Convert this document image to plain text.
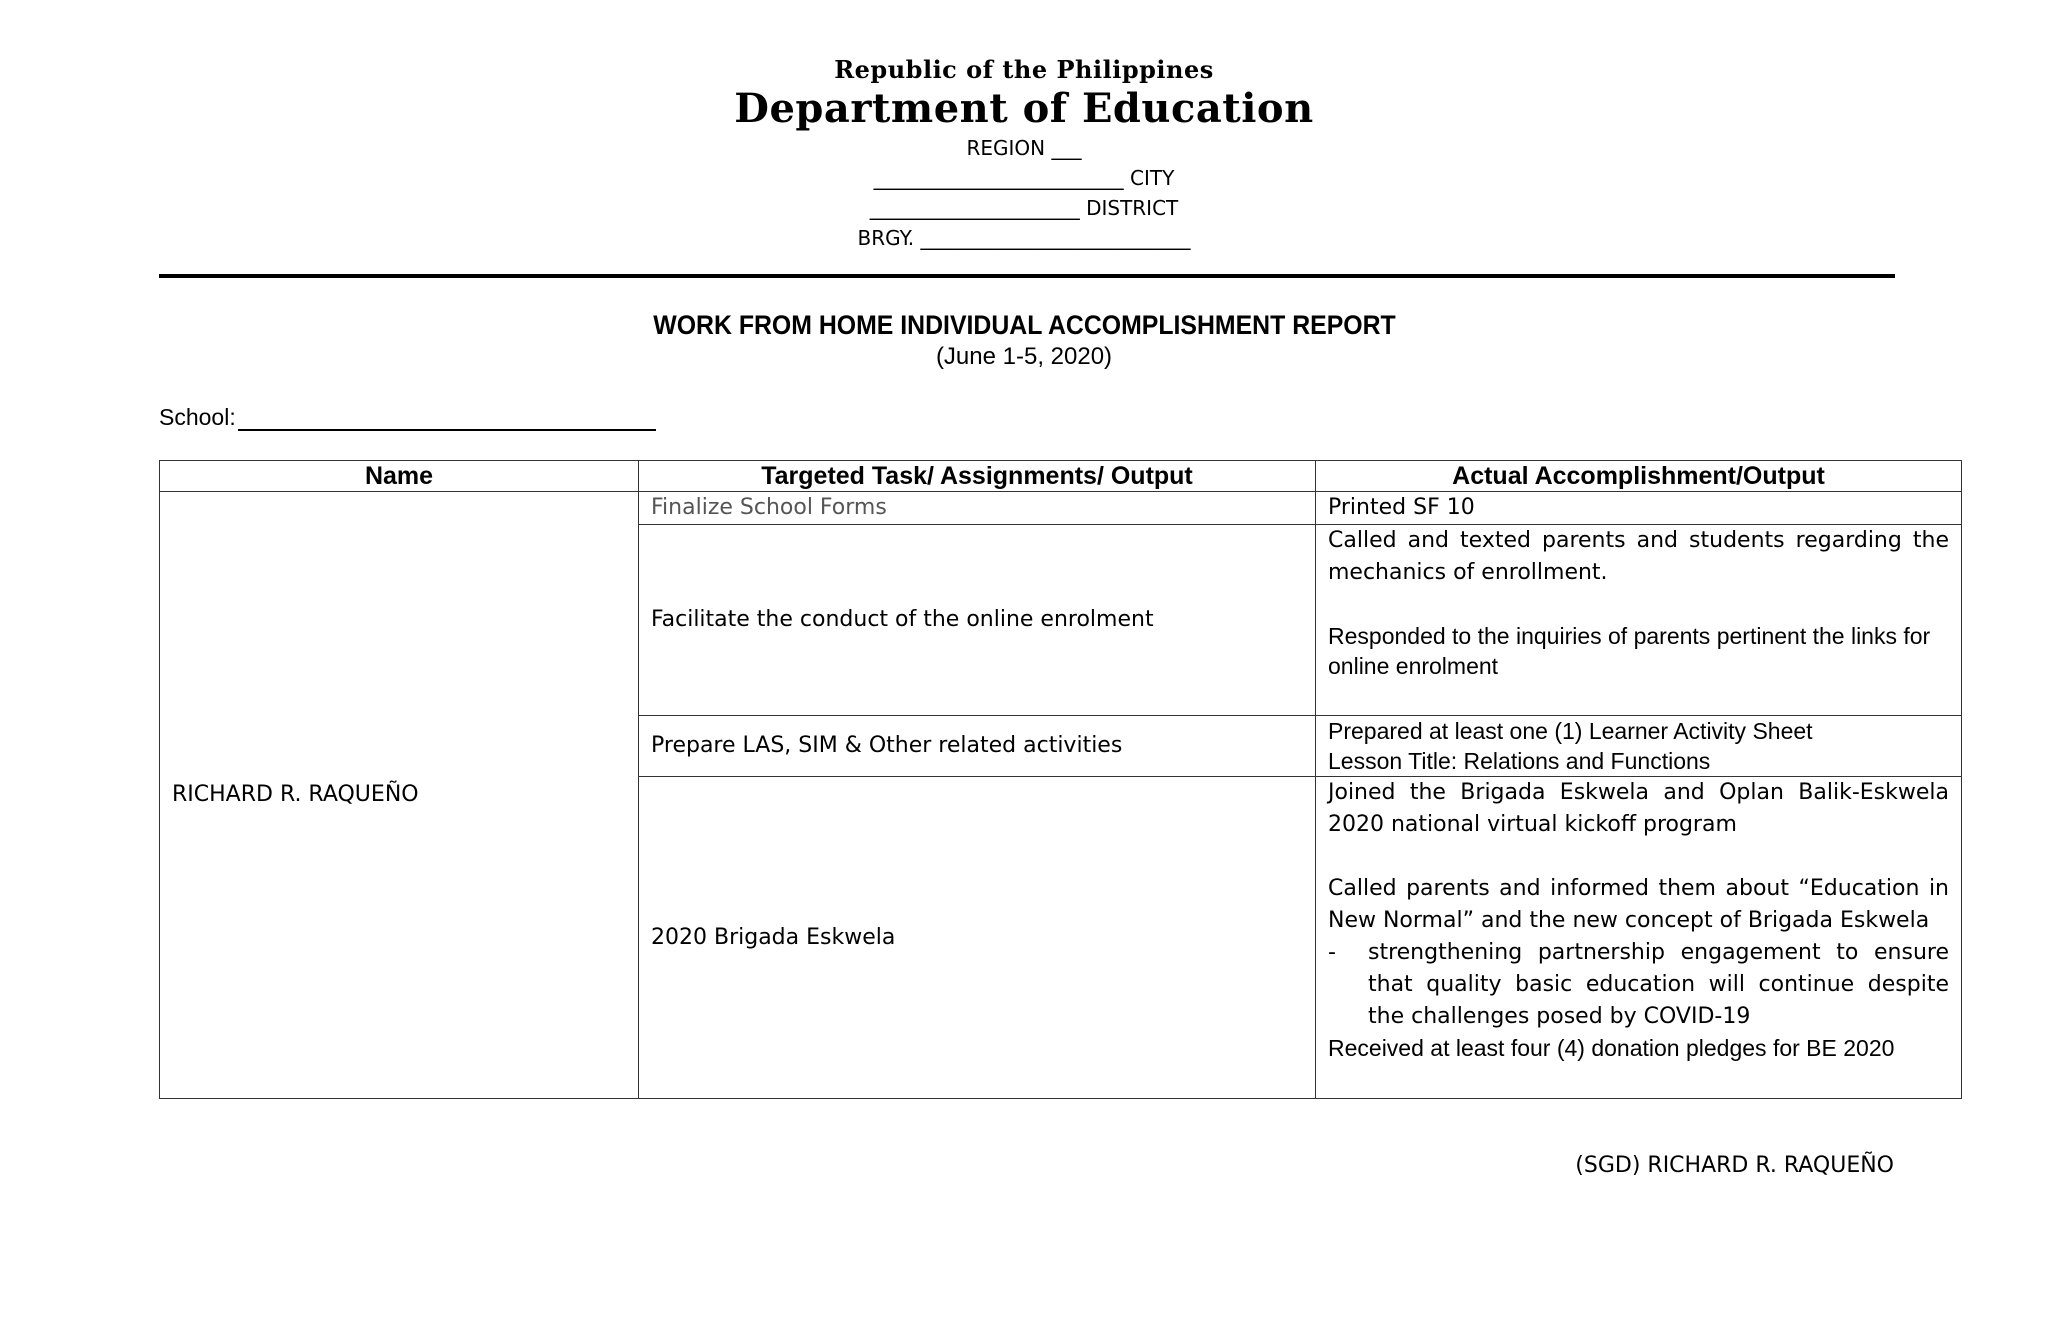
Republic of the Philippines
Department of Education
REGION ___
_________________________ CITY
_____________________ DISTRICT
BRGY. ___________________________
WORK FROM HOME INDIVIDUAL ACCOMPLISHMENT REPORT
(June 1-5, 2020)
School:
Name	Targeted Task/ Assignments/ Output	Actual Accomplishment/Output
RICHARD R. RAQUEÑO	Finalize School Forms	Printed SF 10

	Facilitate the conduct of the online enrolment	Called and texted parents and students regarding the mechanics of enrollment.
Responded to the inquiries of parents pertinent the links for online enrolment

	Prepare LAS, SIM & Other related activities	Prepared at least one (1) Learner Activity Sheet
Lesson Title: Relations and Functions

	2020 Brigada Eskwela	Joined the Brigada Eskwela and Oplan Balik-Eskwela 2020 national virtual kickoff program
Called parents and informed them about “Education in New Normal” and the new concept of Brigada Eskwela
- strengthening partnership engagement to ensure that quality basic education will continue despite the challenges posed by COVID-19
Received at least four (4) donation pledges for BE 2020
(SGD) RICHARD R. RAQUEÑO
